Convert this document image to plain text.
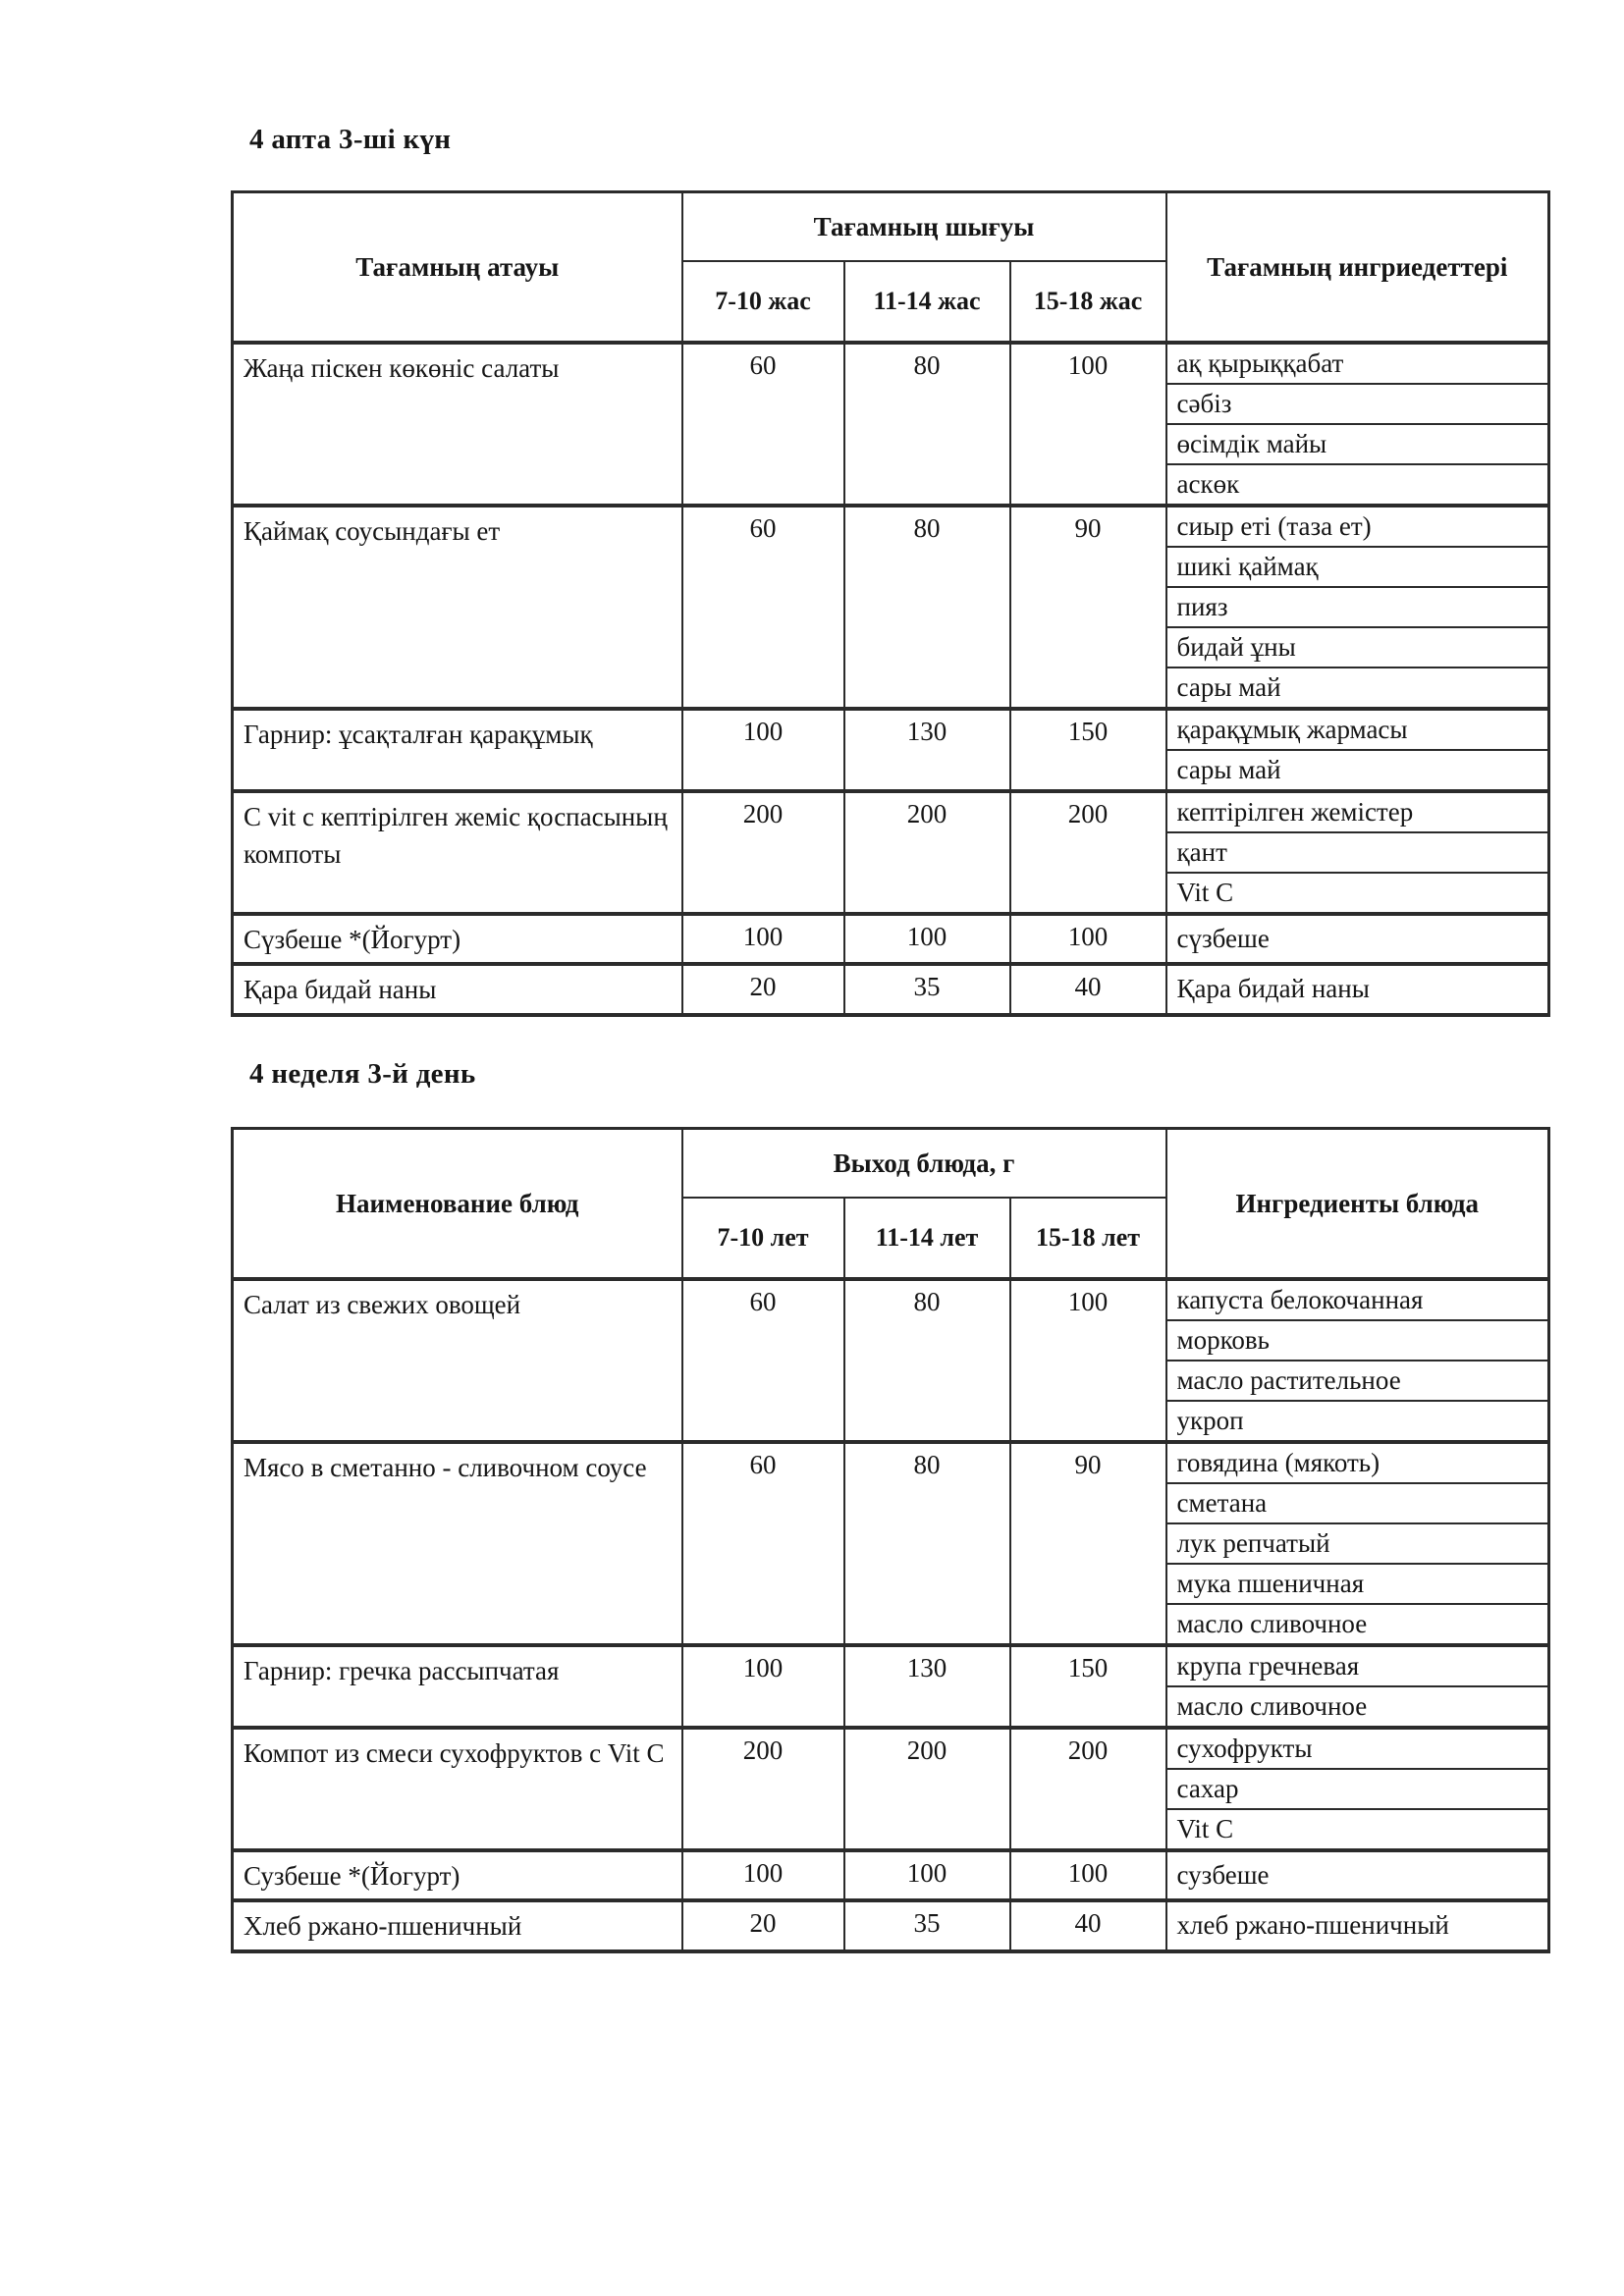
4 апта 3-ші күн
Тағамның атауы	Тағамның шығуы			Тағамның ингриедеттері
	7-10 жас	11-14 жас	15-18 жас	
Жаңа піскен көкөніс салаты	60	80	100	ақ қырыққабат
				сәбіз
				өсімдік майы
				аскөк
Қаймақ соусындағы ет	60	80	90	сиыр еті (таза ет)
				шикі қаймақ
				пияз
				бидай ұны
				сары май
Гарнир: ұсақталған қарақұмық	100	130	150	қарақұмық жармасы
				сары май
С vit с кептірілген жеміс қоспасының компоты	200	200	200	кептірілген жемістер
				қант
				Vit C
Сүзбеше *(Йогурт)	100	100	100	сүзбеше
Қара бидай наны	20	35	40	Қара бидай наны
4 неделя 3-й день
Наименование блюд	Выход блюда, г			Ингредиенты блюда
	7-10 лет	11-14 лет	15-18 лет	
Салат из свежих овощей	60	80	100	капуста белокочанная
				морковь
				масло растительное
				укроп
Мясо в сметанно - сливочном соусе	60	80	90	говядина (мякоть)
				сметана
				лук репчатый
				мука пшеничная
				масло сливочное
Гарнир: гречка рассыпчатая	100	130	150	крупа гречневая
				масло сливочное
Компот из смеси сухофруктов с Vit C	200	200	200	сухофрукты
				сахар
				Vit C
Сузбеше *(Йогурт)	100	100	100	сузбеше
Хлеб ржано-пшеничный	20	35	40	хлеб ржано-пшеничный
